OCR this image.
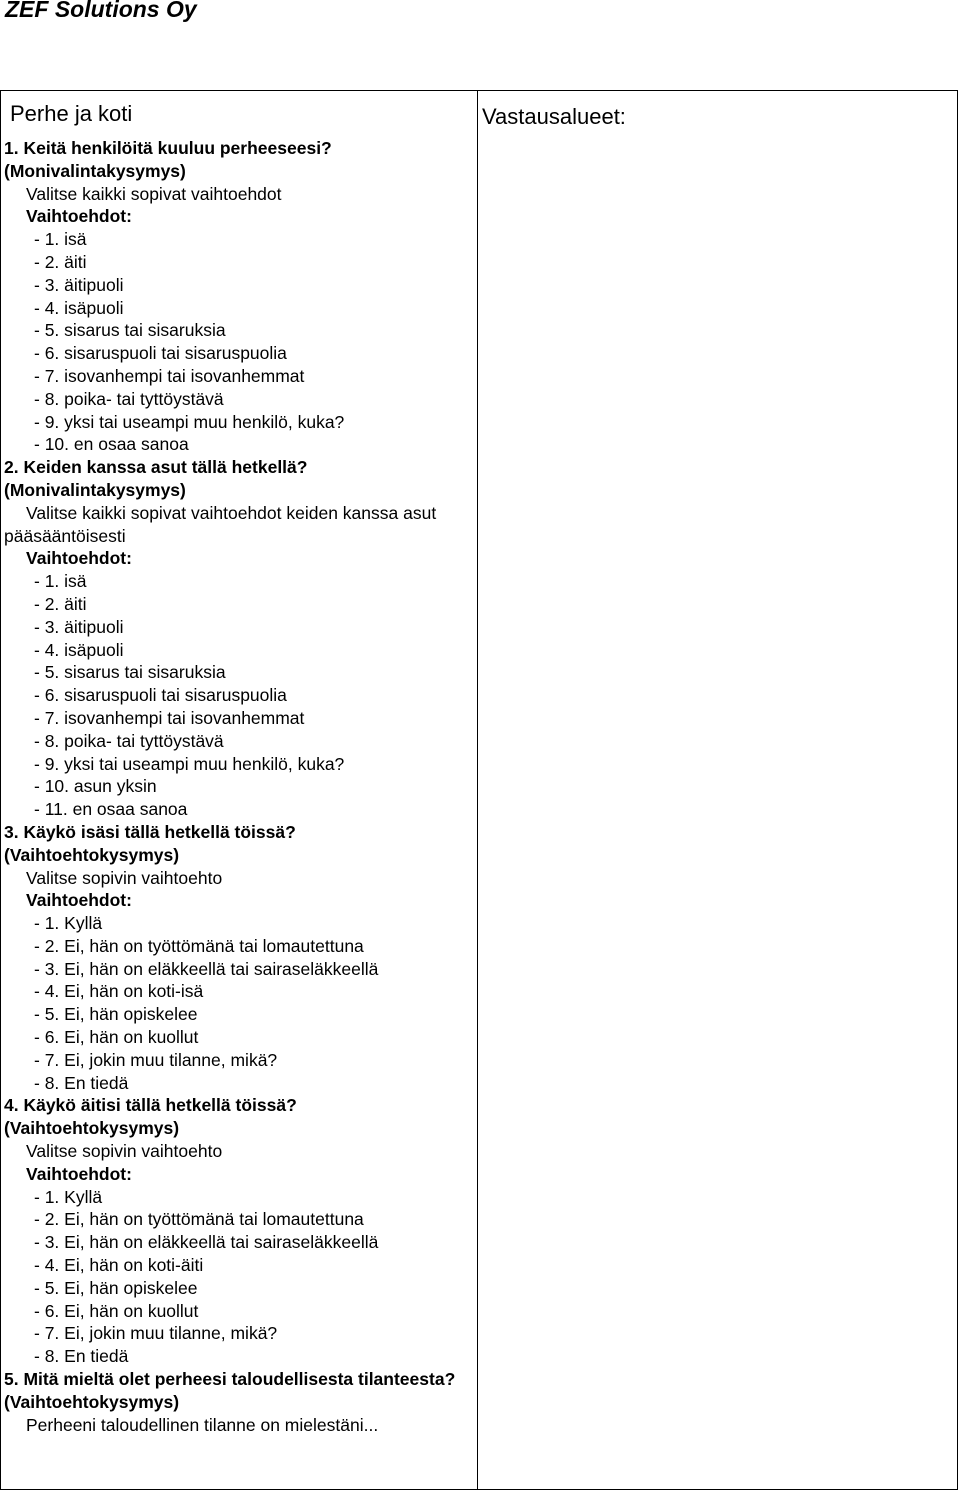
ZEF Solutions Oy
Vastausalueet:
Perhe ja koti
1. Keitä henkilöitä kuuluu perheeseesi?
(Monivalintakysymys)
Valitse kaikki sopivat vaihtoehdot
Vaihtoehdot:
- 1. isä
- 2. äiti
- 3. äitipuoli
- 4. isäpuoli
- 5. sisarus tai sisaruksia
- 6. sisaruspuoli tai sisaruspuolia
- 7. isovanhempi tai isovanhemmat
- 8. poika- tai tyttöystävä
- 9. yksi tai useampi muu henkilö, kuka?
- 10. en osaa sanoa
2. Keiden kanssa asut tällä hetkellä?
(Monivalintakysymys)
Valitse kaikki sopivat vaihtoehdot keiden kanssa asut pääsääntöisesti
Vaihtoehdot:
- 1. isä
- 2. äiti
- 3. äitipuoli
- 4. isäpuoli
- 5. sisarus tai sisaruksia
- 6. sisaruspuoli tai sisaruspuolia
- 7. isovanhempi tai isovanhemmat
- 8. poika- tai tyttöystävä
- 9. yksi tai useampi muu henkilö, kuka?
- 10. asun yksin
- 11. en osaa sanoa
3. Käykö isäsi tällä hetkellä töissä?
(Vaihtoehtokysymys)
Valitse sopivin vaihtoehto
Vaihtoehdot:
- 1. Kyllä
- 2. Ei, hän on työttömänä tai lomautettuna
- 3. Ei, hän on eläkkeellä tai sairaseläkkeellä
- 4. Ei, hän on koti-isä
- 5. Ei, hän opiskelee
- 6. Ei, hän on kuollut
- 7. Ei, jokin muu tilanne, mikä?
- 8. En tiedä
4. Käykö äitisi tällä hetkellä töissä?
(Vaihtoehtokysymys)
Valitse sopivin vaihtoehto
Vaihtoehdot:
- 1. Kyllä
- 2. Ei, hän on työttömänä tai lomautettuna
- 3. Ei, hän on eläkkeellä tai sairaseläkkeellä
- 4. Ei, hän on koti-äiti
- 5. Ei, hän opiskelee
- 6. Ei, hän on kuollut
- 7. Ei, jokin muu tilanne, mikä?
- 8. En tiedä
5. Mitä mieltä olet perheesi taloudellisesta tilanteesta? (Vaihtoehtokysymys)
Perheeni taloudellinen tilanne on mielestäni...
